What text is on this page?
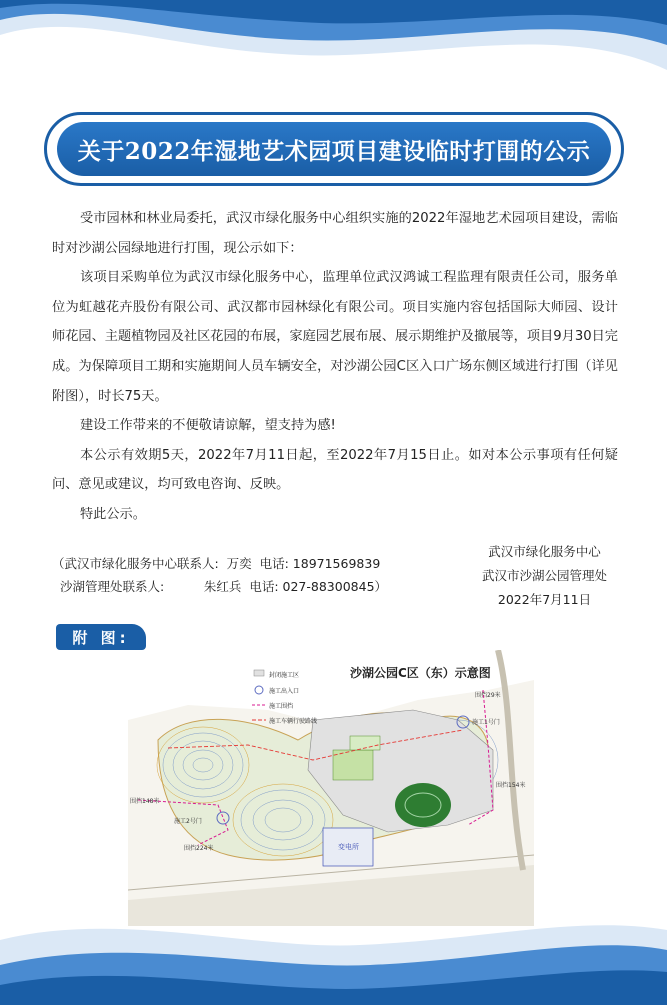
关于2022年湿地艺术园项目建设临时打围的公示

受市园林和林业局委托，武汉市绿化服务中心组织实施的2022年湿地艺术园项目建设，需临时对沙湖公园绿地进行打围，现公示如下：

该项目采购单位为武汉市绿化服务中心，监理单位武汉鸿诚工程监理有限责任公司，服务单位为虹越花卉股份有限公司、武汉都市园林绿化有限公司。项目实施内容包括国际大师园、设计师花园、主题植物园及社区花园的布展，家庭园艺展布展、展示期维护及撤展等，项目9月30日完成。为保障项目工期和实施期间人员车辆安全，对沙湖公园C区入口广场东侧区域进行打围（详见附图），时长75天。

建设工作带来的不便敬请谅解，望支持为感!

本公示有效期5天，2022年7月11日起，至2022年7月15日止。如对本公示事项有任何疑问、意见或建议，均可致电咨询、反映。

特此公示。

（武汉市绿化服务中心联系人:  万奕  电话: 18971569839
沙湖管理处联系人:          朱红兵  电话: 027-88300845）
武汉市绿化服务中心
武汉市沙湖公园管理处
2022年7月11日
附 图:
沙湖公园C区（东）示意图
封闭施工区
施工出入口
施工围挡
施工车辆行驶路线
围挡29米
施工1号门
围挡154米
围挡148米
施工2号门
围挡224米	变电所
